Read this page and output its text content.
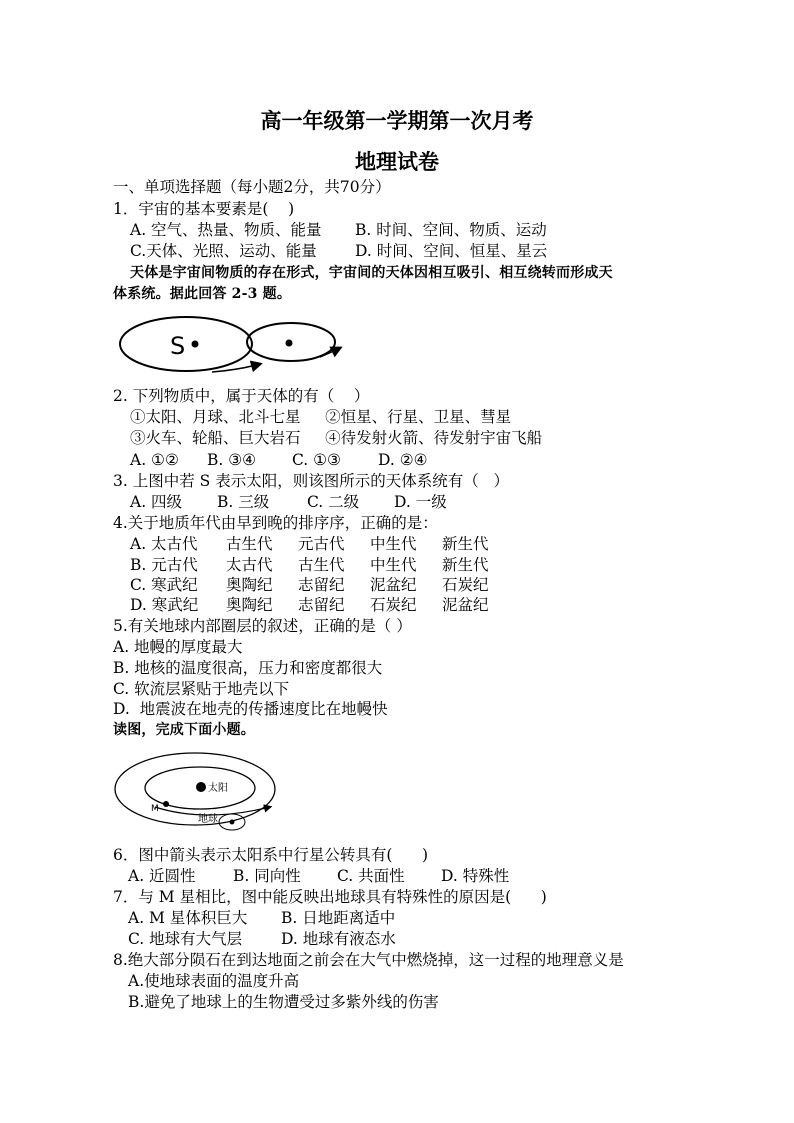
高一年级第一学期第一次月考
地理试卷
一、单项选择题（每小题2分，共70分）
1．宇宙的基本要素是(    )
A. 空气、热量、物质、能量 B. 时间、空间、物质、运动
C.天体、光照、运动、能量 D. 时间、空间、恒星、星云
天体是宇宙间物质的存在形式，宇宙间的天体因相互吸引、相互绕转而形成天
体系统。据此回答 2-3 题。
S
2. 下列物质中，属于天体的有（    ）
①太阳、月球、北斗七星     ②恒星、行星、卫星、彗星
③火车、轮船、巨大岩石     ④待发射火箭、待发射宇宙飞船
A. ①② B. ③④ C. ①③ D. ②④
3. 上图中若 S 表示太阳，则该图所示的天体系统有（   ）
A. 四级 B. 三级 C. 二级 D. 一级
4.关于地质年代由早到晚的排序序，正确的是：
A. 太古代 古生代 元古代 中生代 新生代
B. 元古代 太古代 古生代 中生代 新生代
C. 寒武纪 奥陶纪 志留纪 泥盆纪 石炭纪
D. 寒武纪 奥陶纪 志留纪 石炭纪 泥盆纪
5.有关地球内部圈层的叙述，正确的是（ ）
A. 地幔的厚度最大
B. 地核的温度很高，压力和密度都很大
C. 软流层紧贴于地壳以下
D.  地震波在地壳的传播速度比在地幔快
读图，完成下面小题。
太阳
M
地球
6．图中箭头表示太阳系中行星公转具有(      )
A. 近圆性 B. 同向性 C. 共面性 D. 特殊性
7．与 M 星相比，图中能反映出地球具有特殊性的原因是(      )
A. M 星体积巨大 B. 日地距离适中
C. 地球有大气层	D. 地球有液态水
8.绝大部分陨石在到达地面之前会在大气中燃烧掉，这一过程的地理意义是
A.使地球表面的温度升高
B.避免了地球上的生物遭受过多紫外线的伤害
